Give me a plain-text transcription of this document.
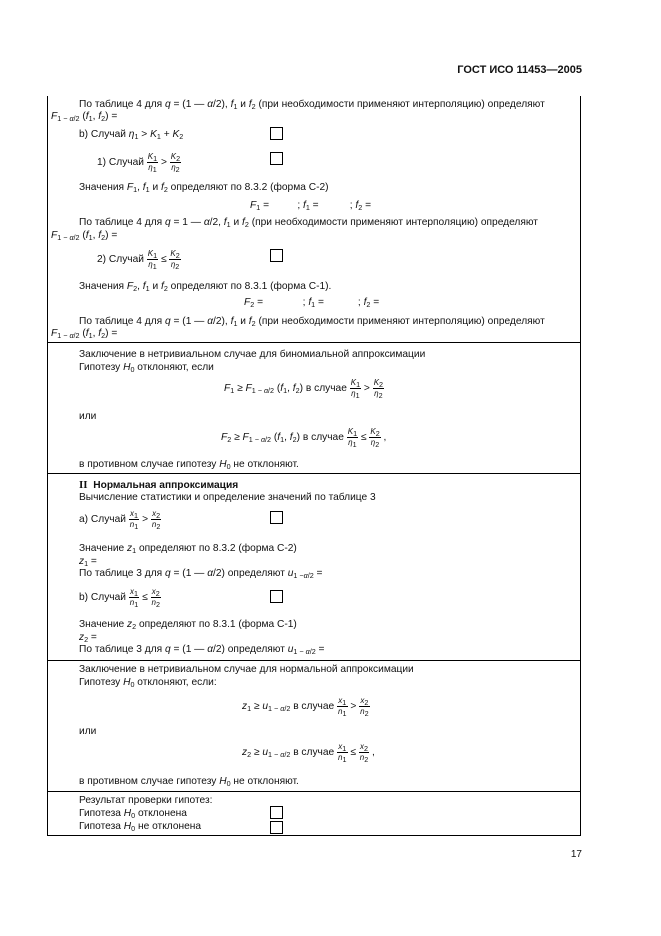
ГОСТ ИСО 11453—2005
По таблице 4 для q = (1 — α/2), $f_1$ и $f_2$ (при необходимости применяют интерполяцию) определяют
$F_{1 - \alpha/2}$ ($f_1$, $f_2$) =
b) Случай $\eta_1 > K_1 + K_2$
1) Случай $\frac{K_1}{\eta_1} > \frac{K_2}{\eta_2}$
Значения $F_1$, $f_1$ и $f_2$ определяют по 8.3.2 (форма С-2)
$F_1$ =          ; $f_1$ =           ; $f_2$ =
По таблице 4 для q = 1 — α/2, $f_1$ и $f_2$ (при необходимости применяют интерполяцию) определяют
$F_{1 - \alpha/2}$ ($f_1$, $f_2$) =
2) Случай $\frac{K_1}{\eta_1} \le \frac{K_2}{\eta_2}$
Значения $F_2$, $f_1$ и $f_2$ определяют по 8.3.1 (форма С-1).
$F_2$ =              ; $f_1$ =            ; $f_2$ =
По таблице 4 для q = (1 — α/2), $f_1$ и $f_2$ (при необходимости применяют интерполяцию) определяют
$F_{1 - \alpha/2}$ ($f_1$, $f_2$) =
Заключение в нетривиальном случае для биномиальной аппроксимации
Гипотезу $H_0$ отклоняют, если
$F_1 \ge F_{1 - \alpha/2}$ ($f_1$, $f_2$) в случае $\frac{K_1}{\eta_1} > \frac{K_2}{\eta_2}$
или
$F_2 \ge F_{1 - \alpha/2}$ ($f_1$, $f_2$) в случае $\frac{K_1}{\eta_1} \le \frac{K_2}{\eta_2}$ ,
в противном случае гипотезу $H_0$ не отклоняют.
II Нормальная аппроксимация
Вычисление статистики и определение значений по таблице 3
a) Случай $\frac{x_1}{n_1} > \frac{x_2}{n_2}$
Значение $z_1$ определяют по 8.3.2 (форма С-2)
$z_1$ =
По таблице 3 для q = (1 — α/2) определяют $u_{1 -\alpha/2}$ =
b) Случай $\frac{x_1}{n_1} \le \frac{x_2}{n_2}$
Значение $z_2$ определяют по 8.3.1 (форма С-1)
$z_2$ =
По таблице 3 для q = (1 — α/2) определяют $u_{1 - \alpha/2}$ =
Заключение в нетривиальном случае для нормальной аппроксимации
Гипотезу $H_0$ отклоняют, если:
$z_1 \ge u_{1 - \alpha/2}$ в случае $\frac{x_1}{n_1} > \frac{x_2}{n_2}$
или
$z_2 \ge u_{1 - \alpha/2}$ в случае $\frac{x_1}{n_1} \le \frac{x_2}{n_2}$ ,
в противном случае гипотезу $H_0$ не отклоняют.
Результат проверки гипотез:
Гипотеза $H_0$ отклонена
Гипотеза $H_0$ не отклонена
17
